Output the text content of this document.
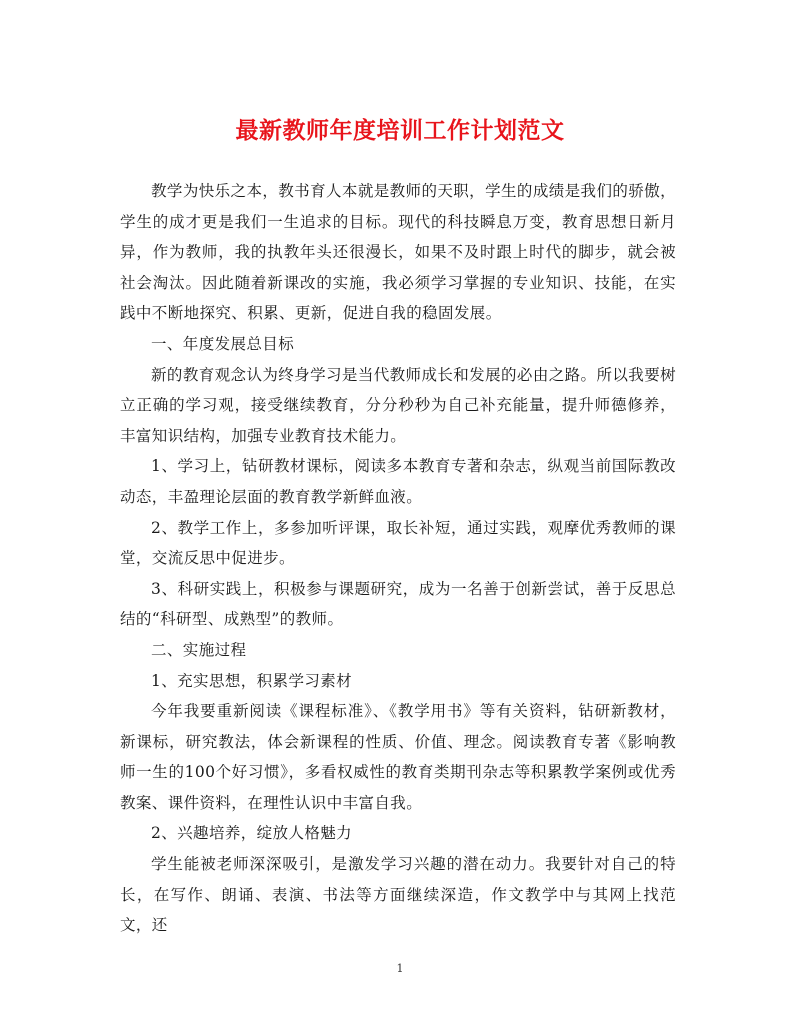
最新教师年度培训工作计划范文

教学为快乐之本，教书育人本就是教师的天职，学生的成绩是我们的骄傲，学生的成才更是我们一生追求的目标。现代的科技瞬息万变，教育思想日新月异，作为教师，我的执教年头还很漫长，如果不及时跟上时代的脚步，就会被社会淘汰。因此随着新课改的实施，我必须学习掌握的专业知识、技能，在实践中不断地探究、积累、更新，促进自我的稳固发展。

一、年度发展总目标

新的教育观念认为终身学习是当代教师成长和发展的必由之路。所以我要树立正确的学习观，接受继续教育，分分秒秒为自己补充能量，提升师德修养，丰富知识结构，加强专业教育技术能力。

1、学习上，钻研教材课标，阅读多本教育专著和杂志，纵观当前国际教改动态，丰盈理论层面的教育教学新鲜血液。

2、教学工作上，多参加听评课，取长补短，通过实践，观摩优秀教师的课堂，交流反思中促进步。

3、科研实践上，积极参与课题研究，成为一名善于创新尝试，善于反思总结的“科研型、成熟型”的教师。

二、实施过程

1、充实思想，积累学习素材

今年我要重新阅读《课程标准》、《教学用书》等有关资料，钻研新教材，新课标，研究教法，体会新课程的性质、价值、理念。阅读教育专著《影响教师一生的100个好习惯》，多看权威性的教育类期刊杂志等积累教学案例或优秀教案、课件资料，在理性认识中丰富自我。

2、兴趣培养，绽放人格魅力

学生能被老师深深吸引，是激发学习兴趣的潜在动力。我要针对自己的特长，在写作、朗诵、表演、书法等方面继续深造，作文教学中与其网上找范文，还

1
